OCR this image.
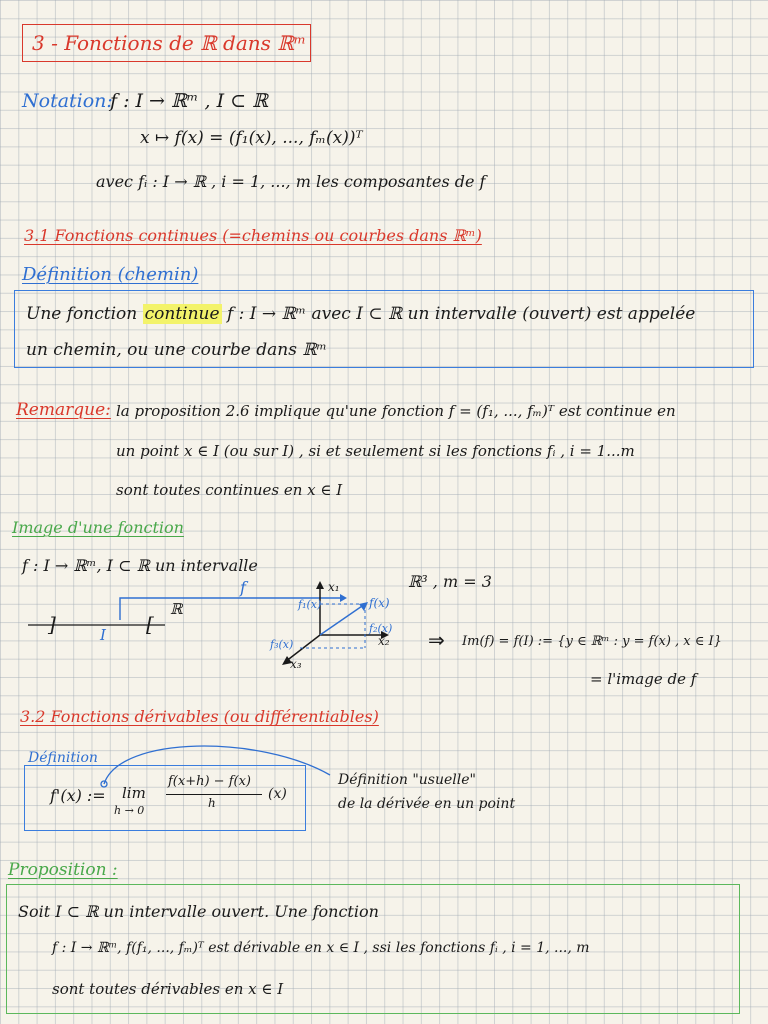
3 - Fonctions de ℝ dans ℝᵐ
Notation:
f : I → ℝᵐ , I ⊂ ℝ
x ↦ f(x) = (f₁(x), ..., fₘ(x))ᵀ
avec fᵢ : I → ℝ , i = 1, ..., m les composantes de f
3.1 Fonctions continues (=chemins ou courbes dans ℝᵐ)
Définition (chemin)
Une fonction continue f : I → ℝᵐ avec I ⊂ ℝ un intervalle (ouvert) est appelée
un chemin, ou une courbe dans ℝᵐ
Remarque: la proposition 2.6 implique qu'une fonction f = (f₁, ..., fₘ)ᵀ est continue en
un point x ∈ I (ou sur I) , si et seulement si les fonctions fᵢ , i = 1...m
sont toutes continues en x ∈ I
Image d'une fonction
f : I → ℝᵐ, I ⊂ ℝ un intervalle
]	[
I
ℝ
f	x₁
x₂
x₃
f₁(x)	f(x)
f₂(x)
f₃(x)
ℝ³ , m = 3
⇒ Im(f) = f(I) := {y ∈ ℝᵐ : y = f(x) , x ∈ I}
= l'image de f
3.2 Fonctions dérivables (ou différentiables)
Définition
f'(x) := lim
h → 0
f(x+h) − f(x)
h
(x)
Définition "usuelle"
de la dérivée en un point
Proposition :
Soit I ⊂ ℝ un intervalle ouvert. Une fonction
f : I → ℝᵐ, f(f₁, ..., fₘ)ᵀ est dérivable en x ∈ I , ssi les fonctions fᵢ , i = 1, ..., m
sont toutes dérivables en x ∈ I
